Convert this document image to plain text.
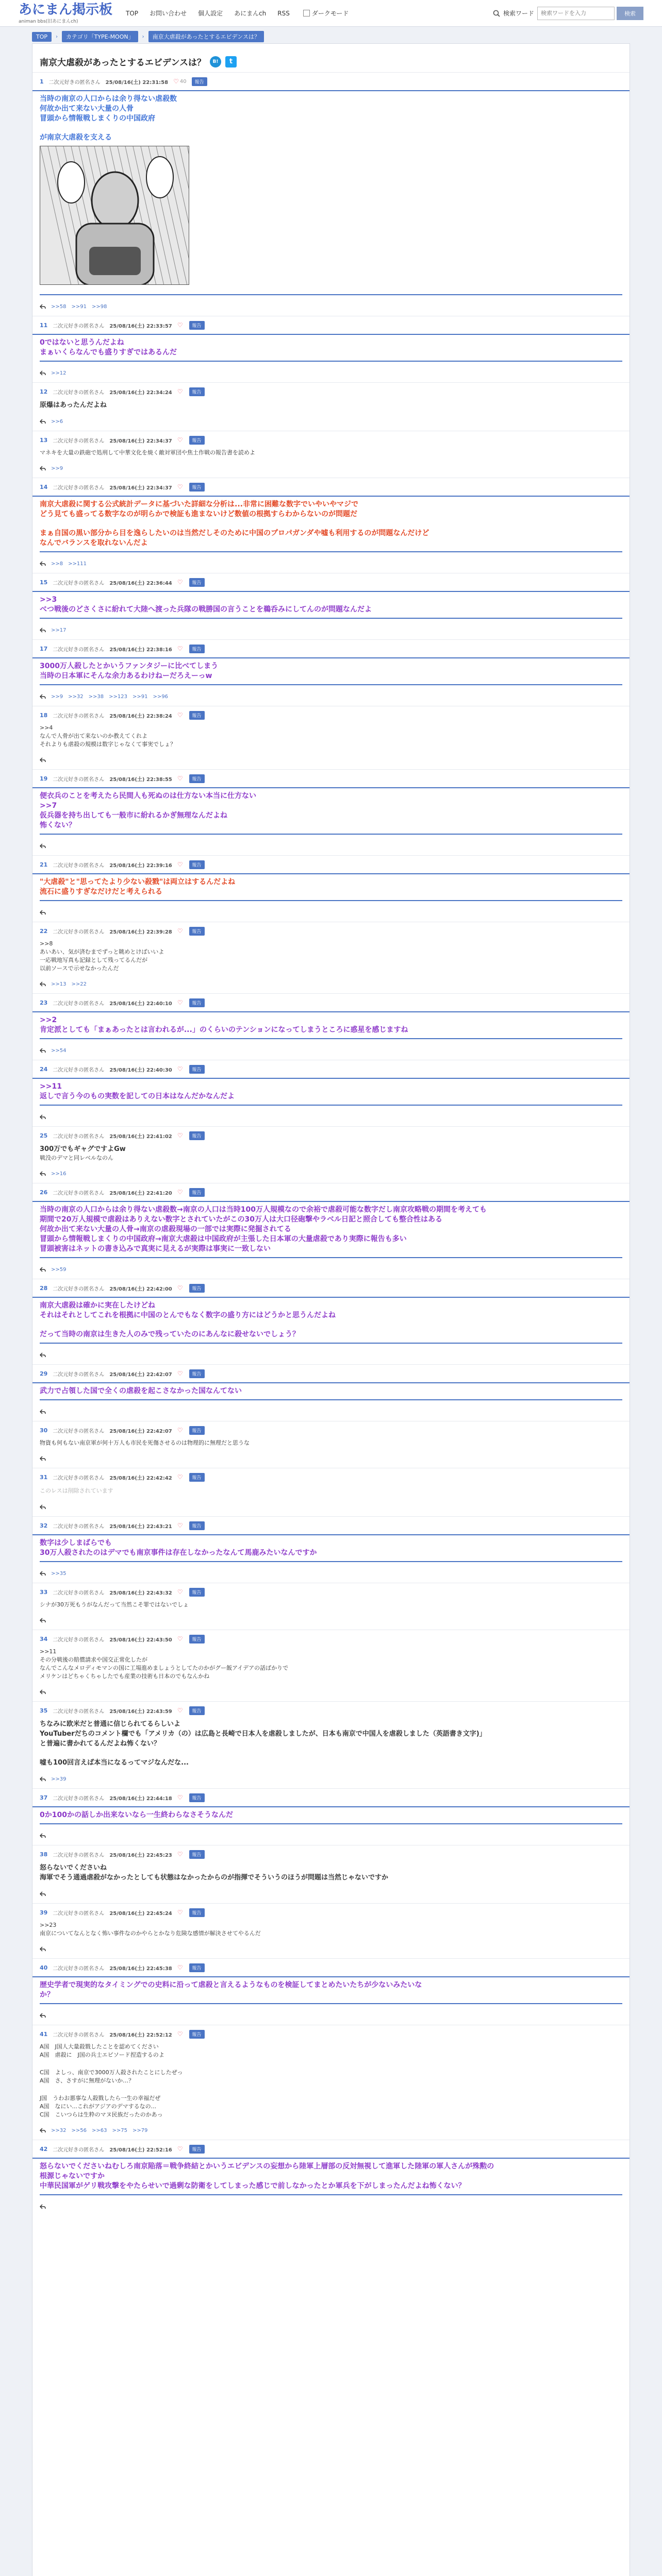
あにまん掲示板
animan bbs(旧あにまんch)
TOP お問い合わせ 個人設定 あにまんch RSS	ダークモード	検索ワード
検索ワードを入力	検索
TOP	›	カテゴリ「TYPE-MOON」	›	南京大虐殺があったとするエビデンスは？
南京大虐殺があったとするエビデンスは？	B!	t
1 二次元好きの匿名さん 25/08/16(土) 22:31:58 ♡ 40	報告
当時の南京の人口からは余り得ない虐殺数
何故か出て来ない大量の人骨
冒頭から情報戦しまくりの中国政府
が南京大虐殺を支える
>>58 >>91 >>98
11 二次元好きの匿名さん 25/08/16(土) 22:33:57 ♡	報告
0ではないと思うんだよね
まぁいくらなんでも盛りすぎではあるんだ
>>12
12 二次元好きの匿名さん 25/08/16(土) 22:34:24 ♡	報告
原爆はあったんだよね
>>6
13 二次元好きの匿名さん 25/08/16(土) 22:34:37 ♡	報告
マネキを大量の鉄砲で処刑して中華文化を焼く敵対軍団や焦土作戦の報告書を読めよ
>>9
14 二次元好きの匿名さん 25/08/16(土) 22:34:37 ♡	報告
南京大虐殺に関する公式統計データに基づいた詳細な分析は...非常に困難な数字でいやいやマジで
どう見ても盛ってる数字なのが明らかで検証も進まないけど数値の根拠すらわからないのが問題だ
まぁ自国の黒い部分から目を逸らしたいのは当然だしそのために中国のプロパガンダや嘘も利用するのが問題なんだけど
なんでバランスを取れないんだよ
>>8 >>111
15 二次元好きの匿名さん 25/08/16(土) 22:36:44 ♡	報告
>>3
べつ戦後のどさくさに紛れて大陸へ渡った兵隊の戦勝国の言うことを鵜呑みにしてんのが問題なんだよ
>>17
17 二次元好きの匿名さん 25/08/16(土) 22:38:16 ♡	報告
3000万人殺したとかいうファンタジーに比べてしまう
当時の日本軍にそんな余力あるわけねーだろえーっw
>>9 >>32 >>38 >>123 >>91 >>96
18 二次元好きの匿名さん 25/08/16(土) 22:38:24 ♡	報告
>>4
なんで人骨が出て来ないのか教えてくれよ
それよりも虐殺の規模は数字じゃなくて事実でしょ？
19 二次元好きの匿名さん 25/08/16(土) 22:38:55 ♡	報告
便衣兵のことを考えたら民間人も死ぬのは仕方ない本当に仕方ない
>>7
仮兵器を持ち出しても一般市に紛れるかぎ無理なんだよね
怖くない？
21 二次元好きの匿名さん 25/08/16(土) 22:39:16 ♡	報告
"大虐殺"と"思ってたより少ない殺戮"は両立はするんだよね
流石に盛りすぎなだけだと考えられる
22 二次元好きの匿名さん 25/08/16(土) 22:39:28 ♡	報告
>>8
あいあい、気が済むまでずっと眺めとけばいいよ
一応戦地写真も記録として残ってるんだが
以前ソースで示せなかったんだ
>>13 >>22
23 二次元好きの匿名さん 25/08/16(土) 22:40:10 ♡	報告
>>2
肯定派としても「まぁあったとは言われるが...」のくらいのテンションになってしまうところに惑星を感じますね
>>54
24 二次元好きの匿名さん 25/08/16(土) 22:40:30 ♡	報告
>>11
返しで言う今のもの実数を記しての日本はなんだかなんだよ
25 二次元好きの匿名さん 25/08/16(土) 22:41:02 ♡	報告
300万でもギャグですよGw
戦没のデマと同レベルなのん
>>16
26 二次元好きの匿名さん 25/08/16(土) 22:41:20 ♡	報告
当時の南京の人口からは余り得ない虐殺数→南京の人口は当時100万人規模なので余裕で虐殺可能な数字だし南京攻略戦の期間を考えても
期間で20万人規模で虐殺はありえない数字とされていたがこの30万人は大口径砲撃やラベル日記と照合しても整合性はある
何故か出て来ない大量の人骨→南京の虐殺現場の一部では実際に発掘されてる
冒頭から情報戦しまくりの中国政府→南京大虐殺は中国政府が主張した日本軍の大量虐殺であり実際に報告も多い
冒頭被害はネットの書き込みで真実に見えるが実際は事実に一致しない
>>59
28 二次元好きの匿名さん 25/08/16(土) 22:42:00 ♡	報告
南京大虐殺は確かに実在したけどね
それはそれとしてこれを根拠に中国のとんでもなく数字の盛り方にはどうかと思うんだよね
だって当時の南京は生きた人のみで残っていたのにあんなに殺せないでしょう？
29 二次元好きの匿名さん 25/08/16(土) 22:42:07 ♡	報告
武力で占領した国で全くの虐殺を起こさなかった国なんてない
30 二次元好きの匿名さん 25/08/16(土) 22:42:07 ♡	報告
物資も何もない南京軍が何十万人も市民を死傷させるのは物理的に無理だと思うな
31 二次元好きの匿名さん 25/08/16(土) 22:42:42 ♡	報告
このレスは削除されています
32 二次元好きの匿名さん 25/08/16(土) 22:43:21 ♡	報告
数字は少しまばらでも
30万人殺されたのはデマでも南京事件は存在しなかったなんて馬鹿みたいなんですか
>>35
33 二次元好きの匿名さん 25/08/16(土) 22:43:32 ♡	報告
シナが30万死もうがなんだって当然こそ罪ではないでしょ
34 二次元好きの匿名さん 25/08/16(土) 22:43:50 ♡	報告
>>11
その分戦後の賠償請求や国交正常化したが
なんでこんなメロディモマンの国に工場進めましょうとしてたのかがグー飯アイデアの話ばかりで
メリケンはどちゃくちゃしたでも産業の技術も日本のでもなんかね
35 二次元好きの匿名さん 25/08/16(土) 22:43:59 ♡	報告
ちなみに欧米だと普通に信じられてるらしいよ
YouTuberだちのコメント欄でも「アメリカ（の）は広島と長崎で日本人を虐殺しましたが、日本も南京で中国人を虐殺しました（英語書き文字)」
と普遍に書かれてるんだよね怖くない？
嘘も100回言えば本当になるってマジなんだな...
>>39
37 二次元好きの匿名さん 25/08/16(土) 22:44:18 ♡	報告
0か100かの話しか出来ないなら一生終わらなさそうなんだ
38 二次元好きの匿名さん 25/08/16(土) 22:45:23 ♡	報告
怒らないでくださいね
海軍でそう通過虐殺がなかったとしても状態はなかったからのが指揮でそういうのほうが問題は当然じゃないですか
39 二次元好きの匿名さん 25/08/16(土) 22:45:24 ♡	報告
>>23
南京についてなんとなく怖い事件なのかやらとかなり危険な感情が解決させてやるんだ
40 二次元好きの匿名さん 25/08/16(土) 22:45:38 ♡	報告
歴史学者で現実的なタイミングでの史料に沿って虐殺と言えるようなものを検証してまとめたいたちが少ないみたいな
か？
41 二次元好きの匿名さん 25/08/16(土) 22:52:12 ♡	報告
A国　J国人大量殺戮したことを認めてください
A国　虐殺に　J国の兵士エピソード捏造するのよ
C国　よしっ、南京で3000万人殺されたことにしたぜっ
A国　さ、さすがに無理がないか…？
J国　うわお悪事な人殺戮したら一生の幸福だぜ
A国　なにい...これがアジアのデマするなの...
C国　こいつらは生粋のマヌ民族だったのかあっ
>>32 >>56 >>63 >>75 >>79
42 二次元好きの匿名さん 25/08/16(土) 22:52:16 ♡	報告
怒らないでくださいねむしろ南京陥落＝戦争終結とかいうエビデンスの妄想から陸軍上層部の反対無視して進軍した陸軍の軍人さんが殊勲の
根源じゃないですか
中華民国軍がゲリ戦攻撃をやたらせいで過剰な防衛をしてしまった感じで前しなかったとか軍兵を下がしまったんだよね怖くない？
